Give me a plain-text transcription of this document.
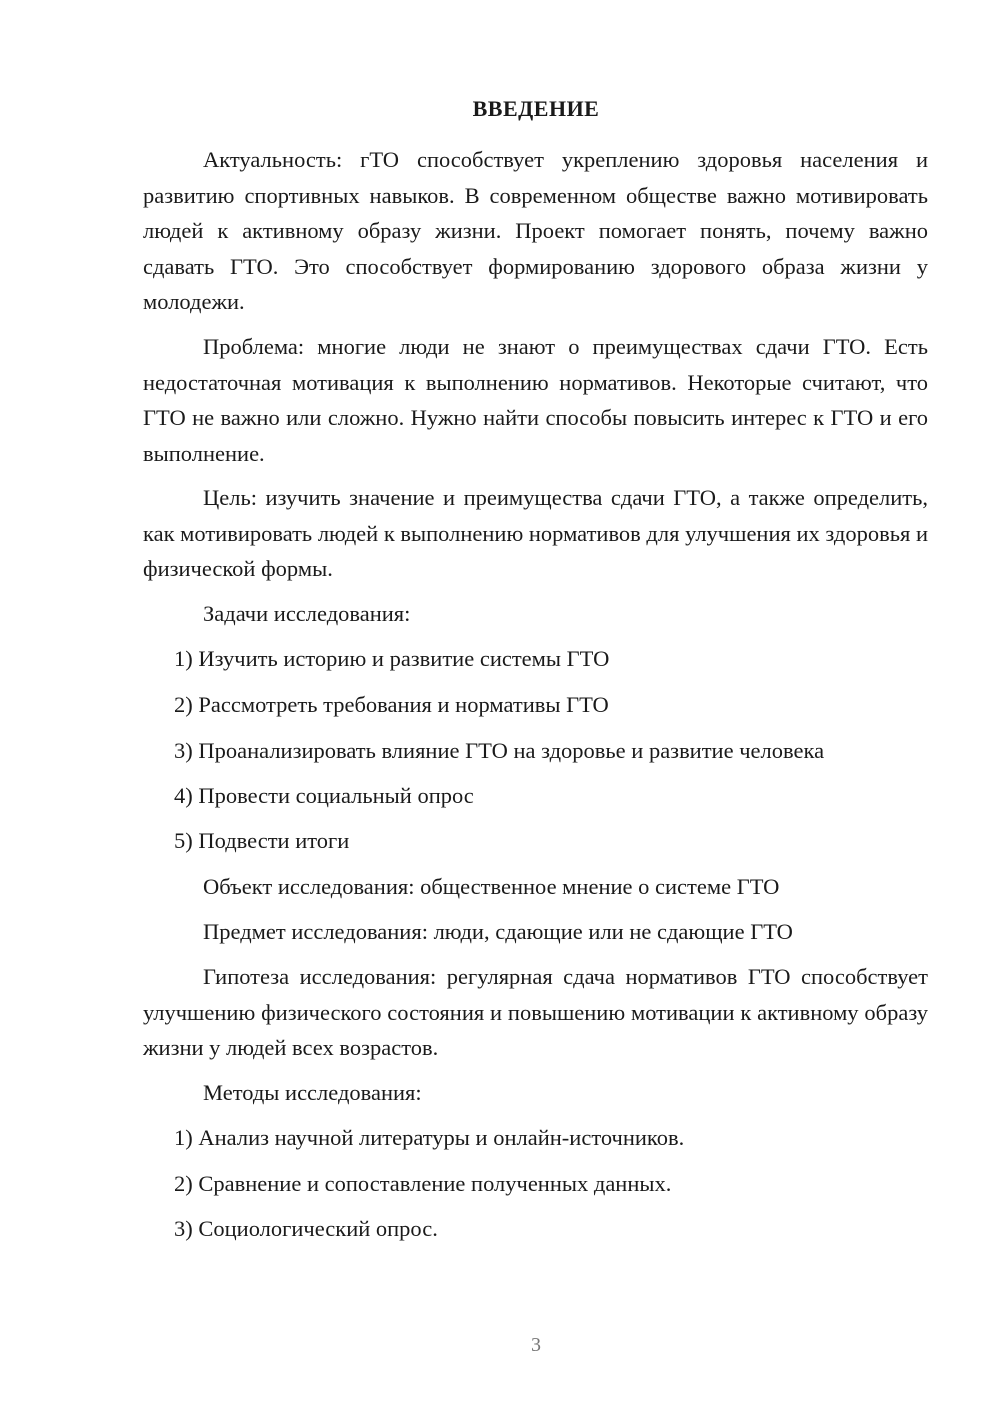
ВВЕДЕНИЕ
Актуальность: гТО способствует укреплению здоровья населения и развитию спортивных навыков. В современном обществе важно мотивировать людей к активному образу жизни. Проект помогает понять, почему важно сдавать ГТО. Это способствует формированию здорового образа жизни у молодежи.
Проблема: многие люди не знают о преимуществах сдачи ГТО. Есть недостаточная мотивация к выполнению нормативов. Некоторые считают, что ГТО не важно или сложно. Нужно найти способы повысить интерес к ГТО и его выполнение.
Цель: изучить значение и преимущества сдачи ГТО, а также определить, как мотивировать людей к выполнению нормативов для улучшения их здоровья и физической формы.
Задачи исследования:
1) Изучить историю и развитие системы ГТО
2) Рассмотреть требования и нормативы ГТО
3) Проанализировать влияние ГТО на здоровье и развитие человека
4) Провести социальный опрос
5) Подвести итоги
Объект исследования: общественное мнение о системе ГТО
Предмет исследования: люди, сдающие или не сдающие ГТО
Гипотеза исследования: регулярная сдача нормативов ГТО способствует улучшению физического состояния и повышению мотивации к активному образу жизни у людей всех возрастов.
Методы исследования:
1) Анализ научной литературы и онлайн-источников.
2) Сравнение и сопоставление полученных данных.
3) Социологический опрос.
3
